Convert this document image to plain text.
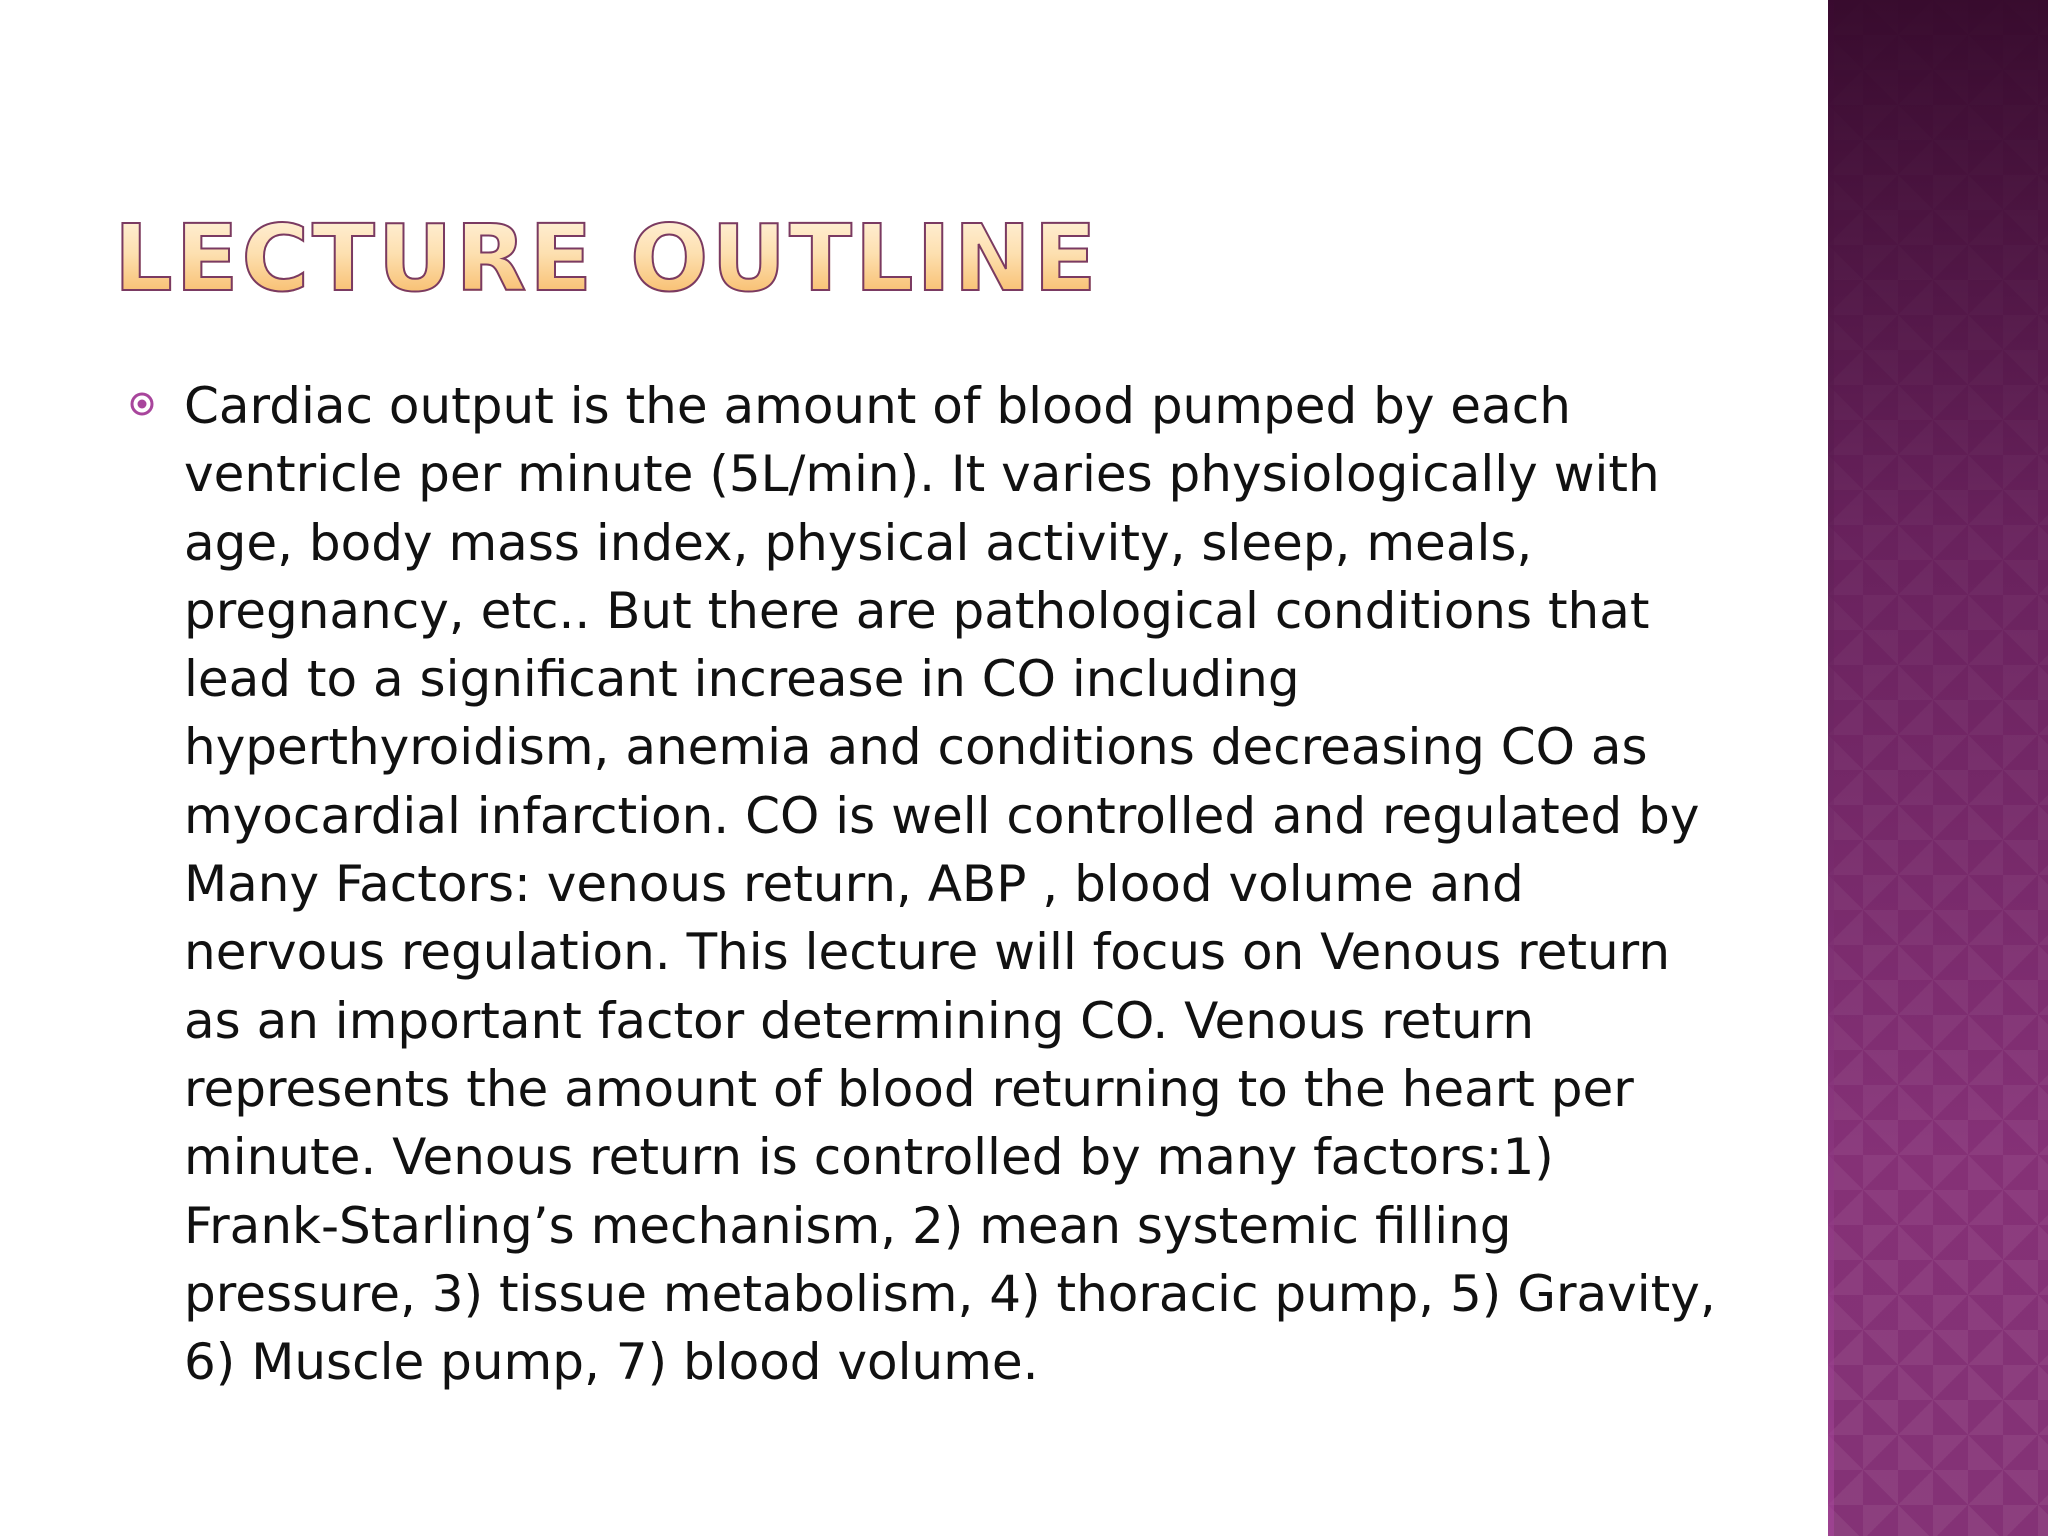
LECTURE OUTLINE

Cardiac output is the amount of blood pumped by each ventricle per minute (5L/min). It varies physiologically with age, body mass index, physical activity, sleep, meals, pregnancy, etc.. But there are pathological conditions that lead to a significant increase in CO including hyperthyroidism, anemia and conditions decreasing CO as myocardial infarction. CO is well controlled and regulated by Many Factors: venous return, ABP , blood volume and nervous regulation. This lecture will focus on Venous return as an important factor determining CO. Venous return represents the amount of blood returning to the heart per minute. Venous return is controlled by many factors:1) Frank-Starling’s mechanism, 2) mean systemic filling pressure, 3) tissue metabolism, 4) thoracic pump, 5) Gravity, 6) Muscle pump, 7) blood volume.
